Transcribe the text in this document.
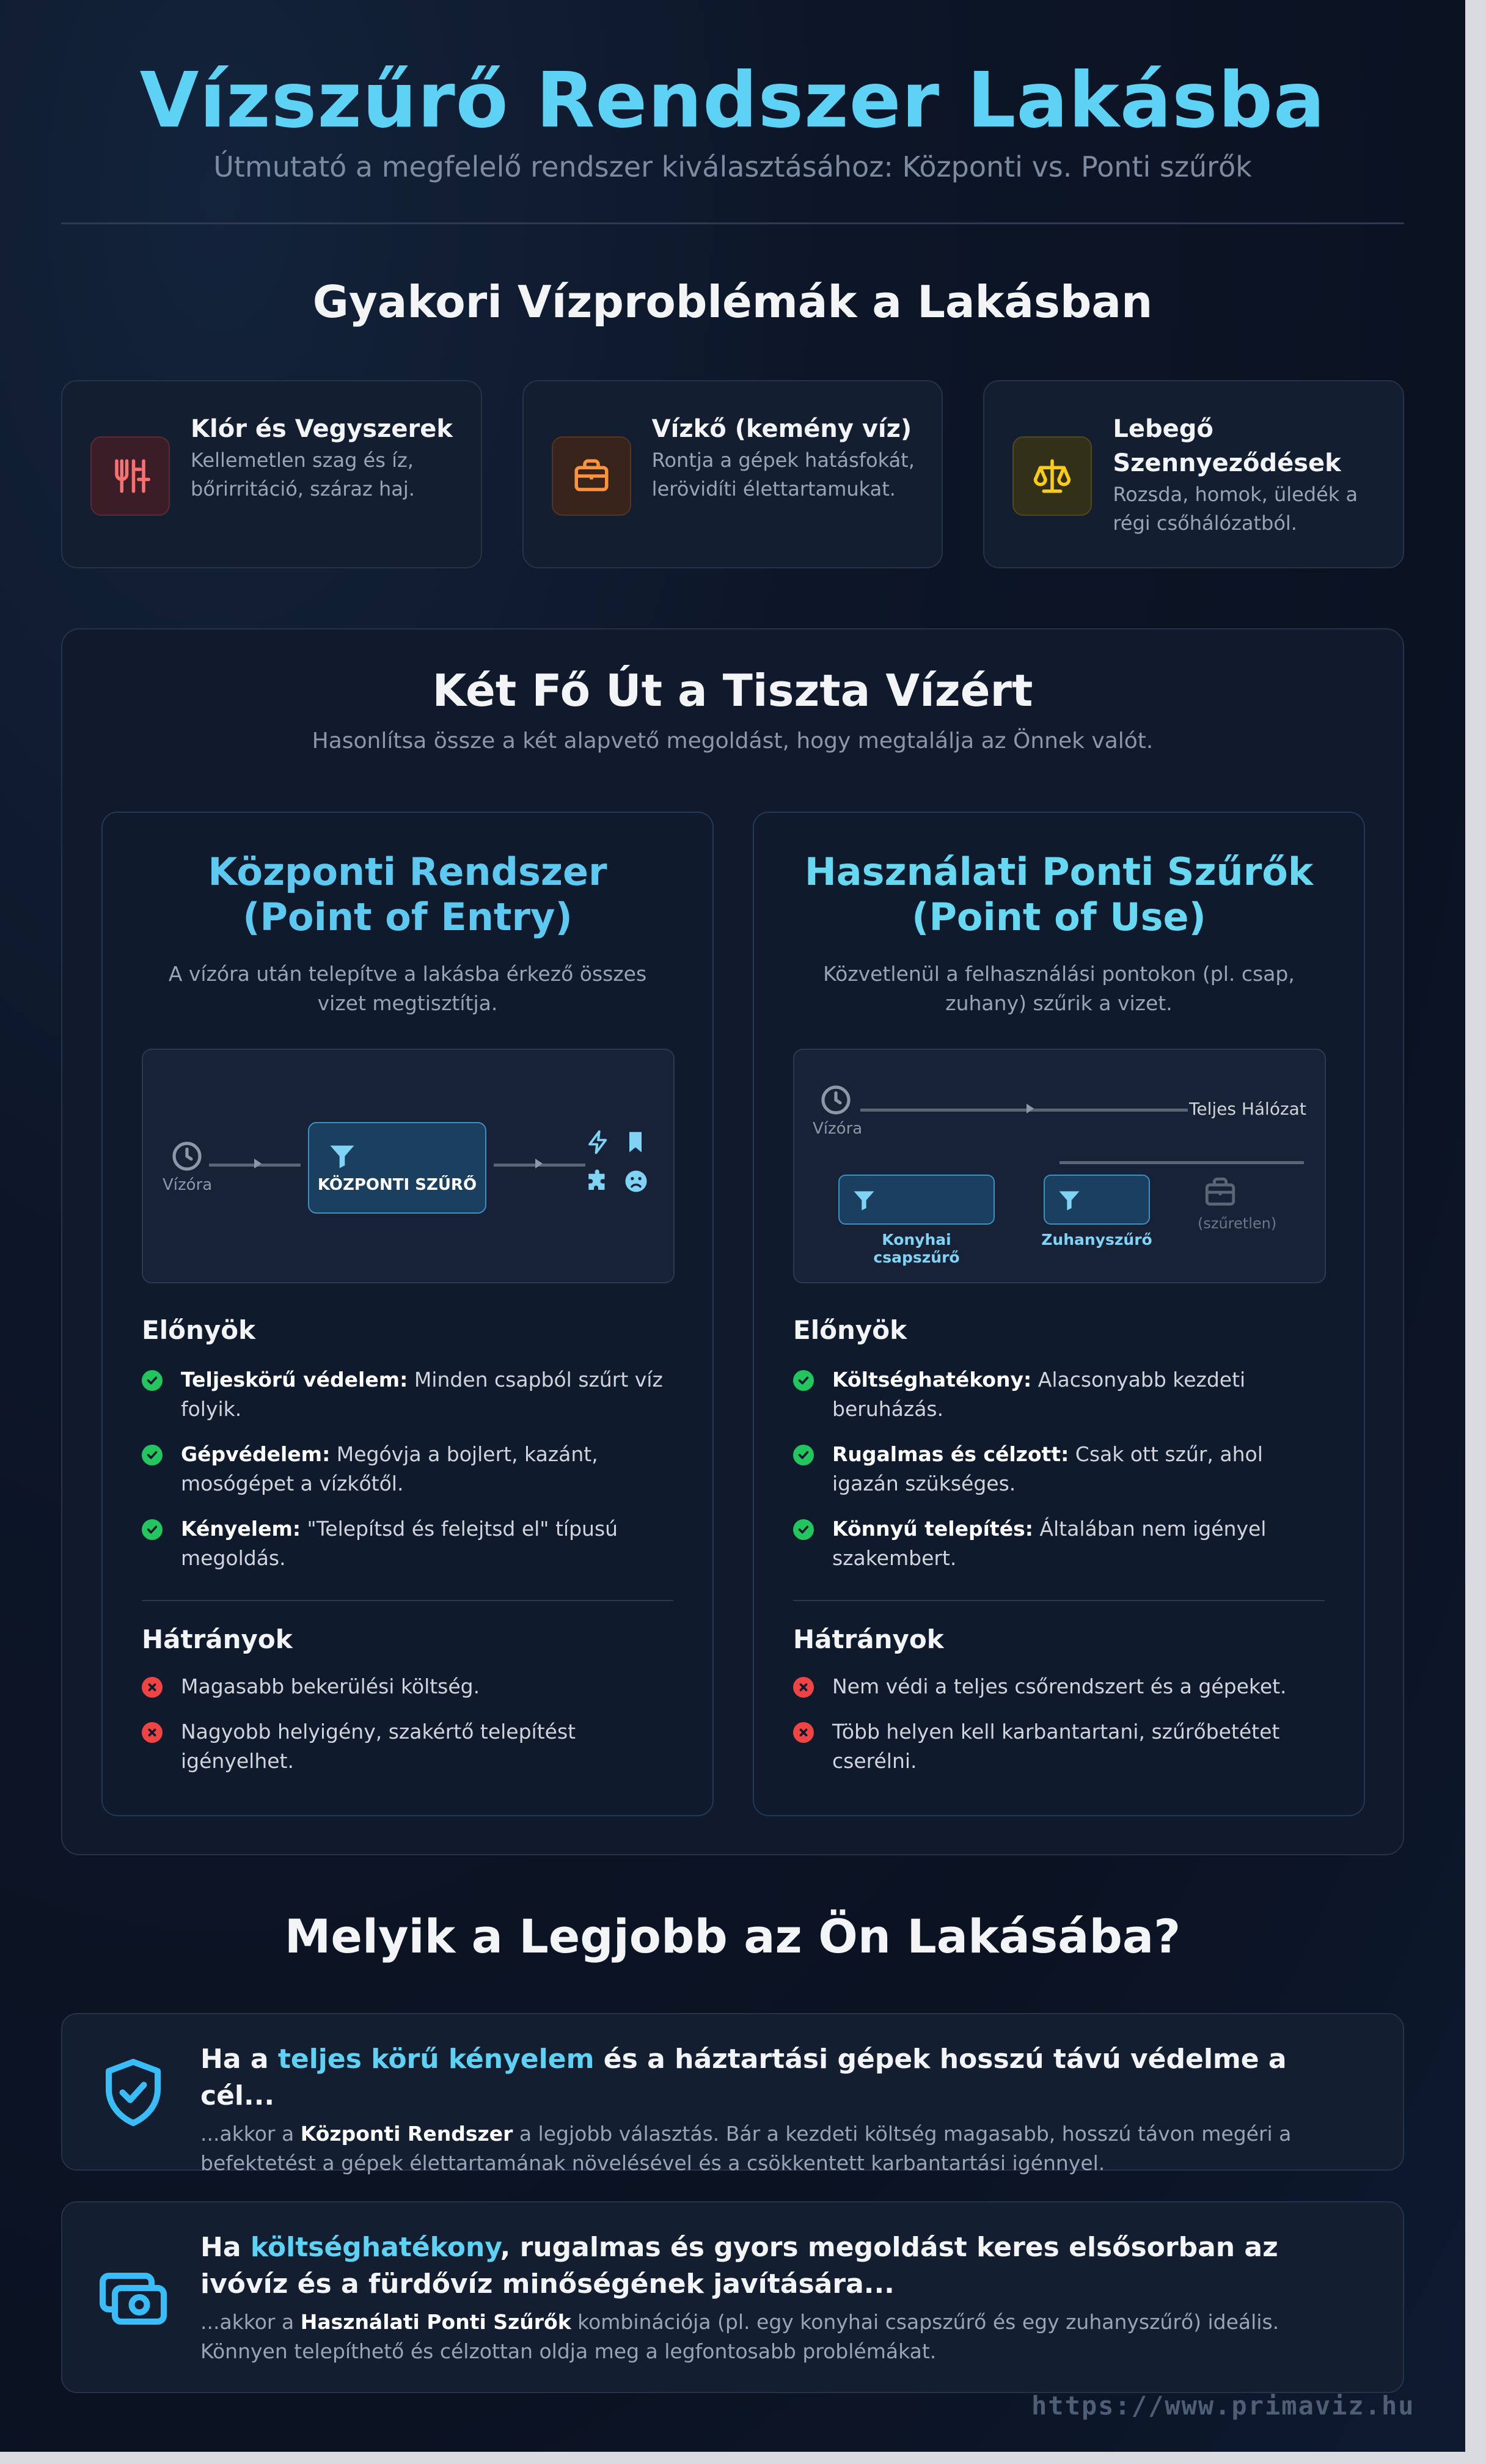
Vízszűrő Rendszer Lakásba
Útmutató a megfelelő rendszer kiválasztásához: Központi vs. Ponti szűrők
Gyakori Vízproblémák a Lakásban
Klór és Vegyszerek
Kellemetlen szag és íz, bőrirritáció, száraz haj.
Vízkő (kemény víz)
Rontja a gépek hatásfokát, lerövidíti élettartamukat.
Lebegő Szennyeződések
Rozsda, homok, üledék a régi csőhálózatból.
Két Fő Út a Tiszta Vízért
Hasonlítsa össze a két alapvető megoldást, hogy megtalálja az Önnek valót.
Központi Rendszer (Point of Entry)
A vízóra után telepítve a lakásba érkező összes vizet megtisztítja.
Vízóra	KÖZPONTI SZŰRŐ
Előnyök
Teljeskörű védelem: Minden csapból szűrt víz folyik.
Gépvédelem: Megóvja a bojlert, kazánt, mosógépet a vízkőtől.
Kényelem: "Telepítsd és felejtsd el" típusú megoldás.
Hátrányok
Magasabb bekerülési költség.
Nagyobb helyigény, szakértő telepítést igényelhet.
Használati Ponti Szűrők (Point of Use)
Közvetlenül a felhasználási pontokon (pl. csap, zuhany) szűrik a vizet.
Vízóra
Teljes Hálózat
Konyhai csapszűrő
Zuhanyszűrő
(szűretlen)
Előnyök
Költséghatékony: Alacsonyabb kezdeti beruházás.
Rugalmas és célzott: Csak ott szűr, ahol igazán szükséges.
Könnyű telepítés: Általában nem igényel szakembert.
Hátrányok
Nem védi a teljes csőrendszert és a gépeket.
Több helyen kell karbantartani, szűrőbetétet cserélni.
Melyik a Legjobb az Ön Lakásába?
Ha a teljes körű kényelem és a háztartási gépek hosszú távú védelme a cél...
...akkor a Központi Rendszer a legjobb választás. Bár a kezdeti költség magasabb, hosszú távon megéri a befektetést a gépek élettartamának növelésével és a csökkentett karbantartási igénnyel.
Ha költséghatékony, rugalmas és gyors megoldást keres elsősorban az ivóvíz és a fürdővíz minőségének javítására...
...akkor a Használati Ponti Szűrők kombinációja (pl. egy konyhai csapszűrő és egy zuhanyszűrő) ideális. Könnyen telepíthető és célzottan oldja meg a legfontosabb problémákat.
https://www.primaviz.hu
